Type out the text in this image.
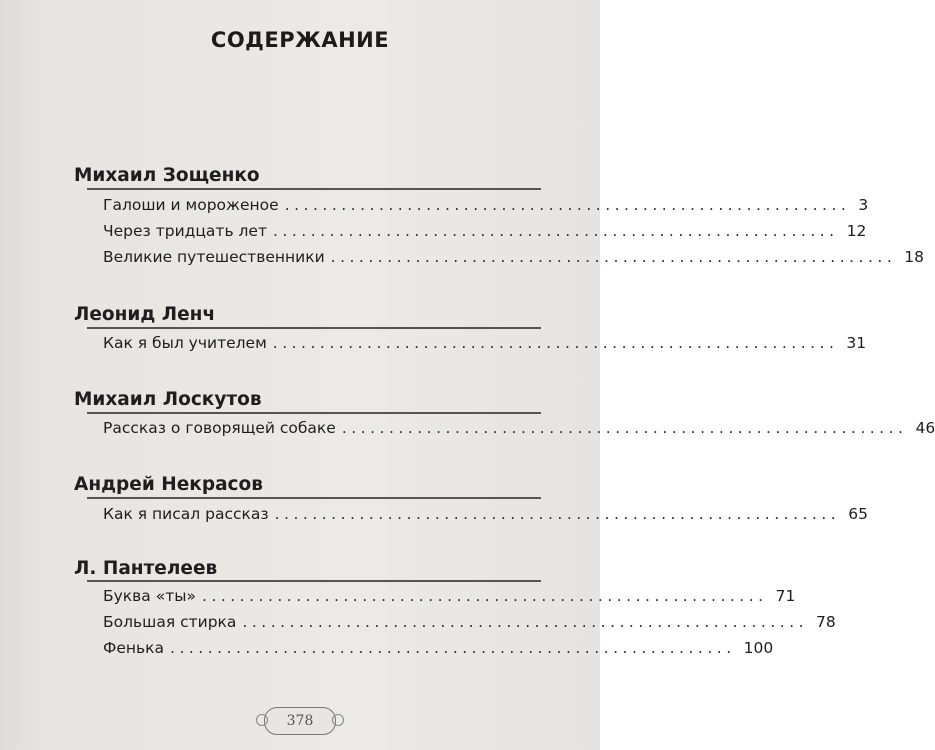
СОДЕРЖАНИЕ
Михаил Зощенко
Галоши и мороженое ............................................................ 3
Через тридцать лет ............................................................ 12
Великие путешественники ............................................................ 18
Леонид Ленч
Как я был учителем ............................................................ 31
Михаил Лоскутов
Рассказ о говорящей собаке ............................................................ 46
Андрей Некрасов
Как я писал рассказ ............................................................ 65
Л. Пантелеев
Буква «ты» ............................................................ 71
Большая стирка ............................................................ 78
Фенька ............................................................ 100
378
